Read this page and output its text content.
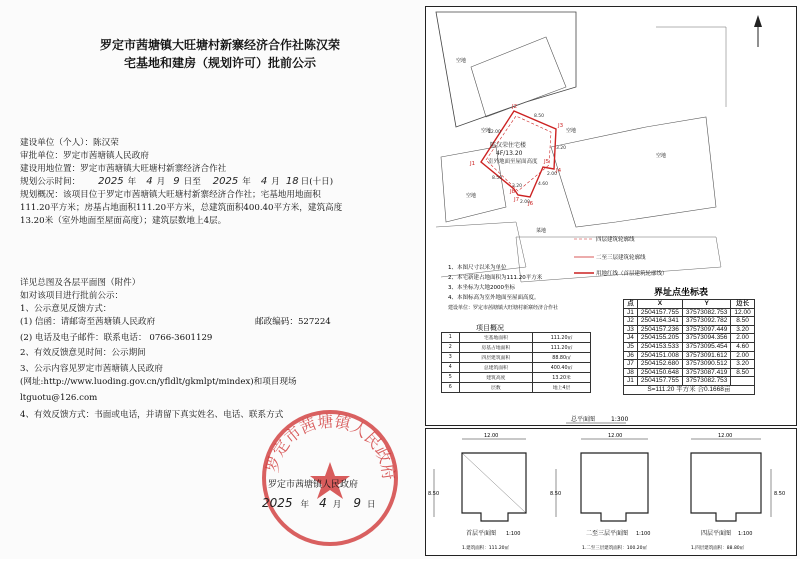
罗定市茜塘镇大旺塘村新寨经济合作社陈汉荣
宅基地和建房（规划许可）批前公示
建设单位（个人）：陈汉荣
审批单位：罗定市茜塘镇人民政府
建设用地位置：罗定市茜塘镇大旺塘村新寨经济合作社
规划公示时间： 2025 年 4 月 9 日至 2025 年 4 月 18 日(十日)
规划概况：该项目位于罗定市茜塘镇大旺塘村新寨经济合作社；宅基地用地面积
111.20平方米；房基占地面积111.20平方米，总建筑面积400.40平方米，建筑高度
13.20米（室外地面至屋面高度）；建筑层数地上4层。
详见总图及各层平面图（附件）
如对该项目进行批前公示：
1、公示意见反馈方式：
(1) 信函：请邮寄至茜塘镇人民政府	邮政编码：527224
(2) 电话及电子邮件：联系电话： 0766-3601129
2、有效反馈意见时间：公示期间
3、公示内容见罗定市茜塘镇人民政府
(网址:http://www.luoding.gov.cn/yfldlt/gkmlpt/mindex)和项目现场
ltguotu@126.com
4、有效反馈方式：书面或电话，并请留下真实姓名、电话、联系方式
罗定市茜塘镇人民政府
罗定市茜塘镇人民政府
2025 年 4 月 9 日
陈汉荣住宅楼
4F/13.20
室外地面至屋面高度
空地	空地
空地
菜地
空地
空地
J1
J2
J3
J4
J5
J6
J7
J8
12.00
8.50
3.20
2.00
4.60
2.00
3.20
8.50
四层建筑轮廓线
二至三层建筑轮廓线
用地红线（首层建筑轮廓线）
1、本图尺寸以米为单位
2、本宅新建占地面积为111.20平方米
3、本坐标为大地2000坐标
4、本图标高为室外地面至屋面高度。
建设单位：罗定市茜塘镇大旺塘村新寨经济合作社
界址点坐标表
项目概况
总平面图	1:300
1	宅基地面积	111.20㎡
2	房基占地面积	111.20㎡
3	四层建筑面积	88.80㎡
4	总建筑面积	400.40㎡
5	建筑高度	13.20米
6	层数	地上4层
点	X	Y	边长
J1	2504157.755	37573082.753	12.00
J2	2504164.341	37573092.782	8.50
J3	2504157.236	37573097.449	3.20
J4	2504155.205	37573094.356	2.00
J5	2504153.533	37573095.454	4.60
J6	2504151.008	37573091.612	2.00
J7	2504152.680	37573090.512	3.20
J8	2504150.648	37573087.419	8.50
J1	2504157.755	37573082.753	
S=111.20 平方米 合0.1668亩			
12.00
8.50
首层平面图 1:100
1.建筑面积：111.20㎡
12.00
8.50
二至三层平面图 1:100
1.二至三层建筑面积：100.20㎡
12.00
8.50
四层平面图 1:100
1.四层建筑面积：88.80㎡
